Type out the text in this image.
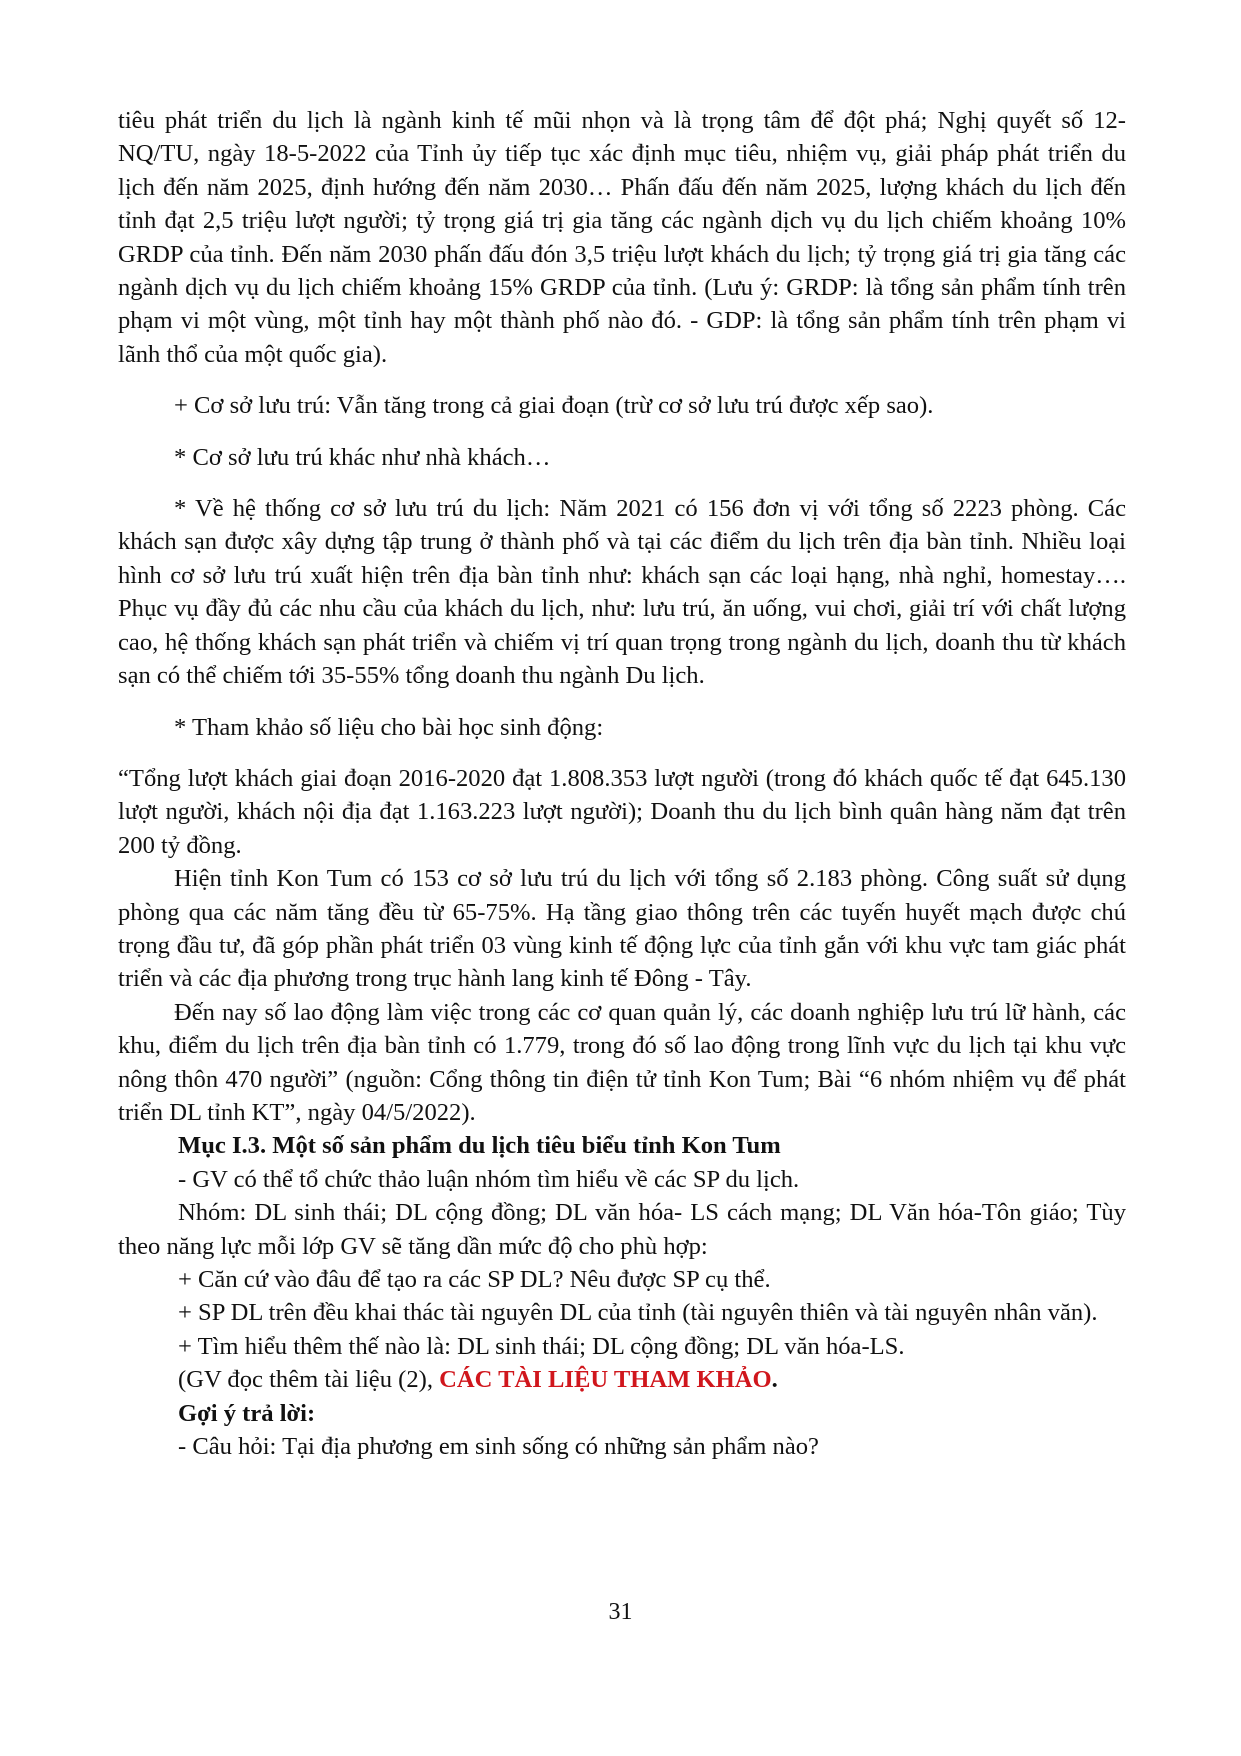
tiêu phát triển du lịch là ngành kinh tế mũi nhọn và là trọng tâm để đột phá; Nghị quyết số 12-NQ/TU, ngày 18-5-2022 của Tỉnh ủy tiếp tục xác định mục tiêu, nhiệm vụ, giải pháp phát triển du lịch đến năm 2025, định hướng đến năm 2030… Phấn đấu đến năm 2025, lượng khách du lịch đến tỉnh đạt 2,5 triệu lượt người; tỷ trọng giá trị gia tăng các ngành dịch vụ du lịch chiếm khoảng 10% GRDP của tỉnh. Đến năm 2030 phấn đấu đón 3,5 triệu lượt khách du lịch; tỷ trọng giá trị gia tăng các ngành dịch vụ du lịch chiếm khoảng 15% GRDP của tỉnh. (Lưu ý: GRDP: là tổng sản phẩm tính trên phạm vi một vùng, một tỉnh hay một thành phố nào đó. - GDP: là tổng sản phẩm tính trên phạm vi lãnh thổ của một quốc gia).

+ Cơ sở lưu trú: Vẫn tăng trong cả giai đoạn (trừ cơ sở lưu trú được xếp sao).

* Cơ sở lưu trú khác như nhà khách…

* Về hệ thống cơ sở lưu trú du lịch: Năm 2021 có 156 đơn vị với tổng số 2223 phòng. Các khách sạn được xây dựng tập trung ở thành phố và tại các điểm du lịch trên địa bàn tỉnh. Nhiều loại hình cơ sở lưu trú xuất hiện trên địa bàn tỉnh như: khách sạn các loại hạng, nhà nghỉ, homestay…. Phục vụ đầy đủ các nhu cầu của khách du lịch, như: lưu trú, ăn uống, vui chơi, giải trí với chất lượng cao, hệ thống khách sạn phát triển và chiếm vị trí quan trọng trong ngành du lịch, doanh thu từ khách sạn có thể chiếm tới 35-55% tổng doanh thu ngành Du lịch.

* Tham khảo số liệu cho bài học sinh động:

“Tổng lượt khách giai đoạn 2016-2020 đạt 1.808.353 lượt người (trong đó khách quốc tế đạt 645.130 lượt người, khách nội địa đạt 1.163.223 lượt người); Doanh thu du lịch bình quân hàng năm đạt trên 200 tỷ đồng.

Hiện tỉnh Kon Tum có 153 cơ sở lưu trú du lịch với tổng số 2.183 phòng. Công suất sử dụng phòng qua các năm tăng đều từ 65-75%. Hạ tầng giao thông trên các tuyến huyết mạch được chú trọng đầu tư, đã góp phần phát triển 03 vùng kinh tế động lực của tỉnh gắn với khu vực tam giác phát triển và các địa phương trong trục hành lang kinh tế Đông - Tây.

Đến nay số lao động làm việc trong các cơ quan quản lý, các doanh nghiệp lưu trú lữ hành, các khu, điểm du lịch trên địa bàn tỉnh có 1.779, trong đó số lao động trong lĩnh vực du lịch tại khu vực nông thôn 470 người” (nguồn: Cổng thông tin điện tử tỉnh Kon Tum; Bài “6 nhóm nhiệm vụ để phát triển DL tỉnh KT”, ngày 04/5/2022).

Mục I.3. Một số sản phẩm du lịch tiêu biểu tỉnh Kon Tum

- GV có thể tổ chức thảo luận nhóm tìm hiểu về các SP du lịch.

Nhóm: DL sinh thái; DL cộng đồng; DL văn hóa- LS cách mạng; DL Văn hóa-Tôn giáo; Tùy theo năng lực mỗi lớp GV sẽ tăng dần mức độ cho phù hợp:

+ Căn cứ vào đâu để tạo ra các SP DL? Nêu được SP cụ thể.

+ SP DL trên đều khai thác tài nguyên DL của tỉnh (tài nguyên thiên và tài nguyên nhân văn).

+ Tìm hiểu thêm thế nào là: DL sinh thái; DL cộng đồng; DL văn hóa-LS.

(GV đọc thêm tài liệu (2), CÁC TÀI LIỆU THAM KHẢO.

Gợi ý trả lời:

- Câu hỏi: Tại địa phương em sinh sống có những sản phẩm nào?

31
